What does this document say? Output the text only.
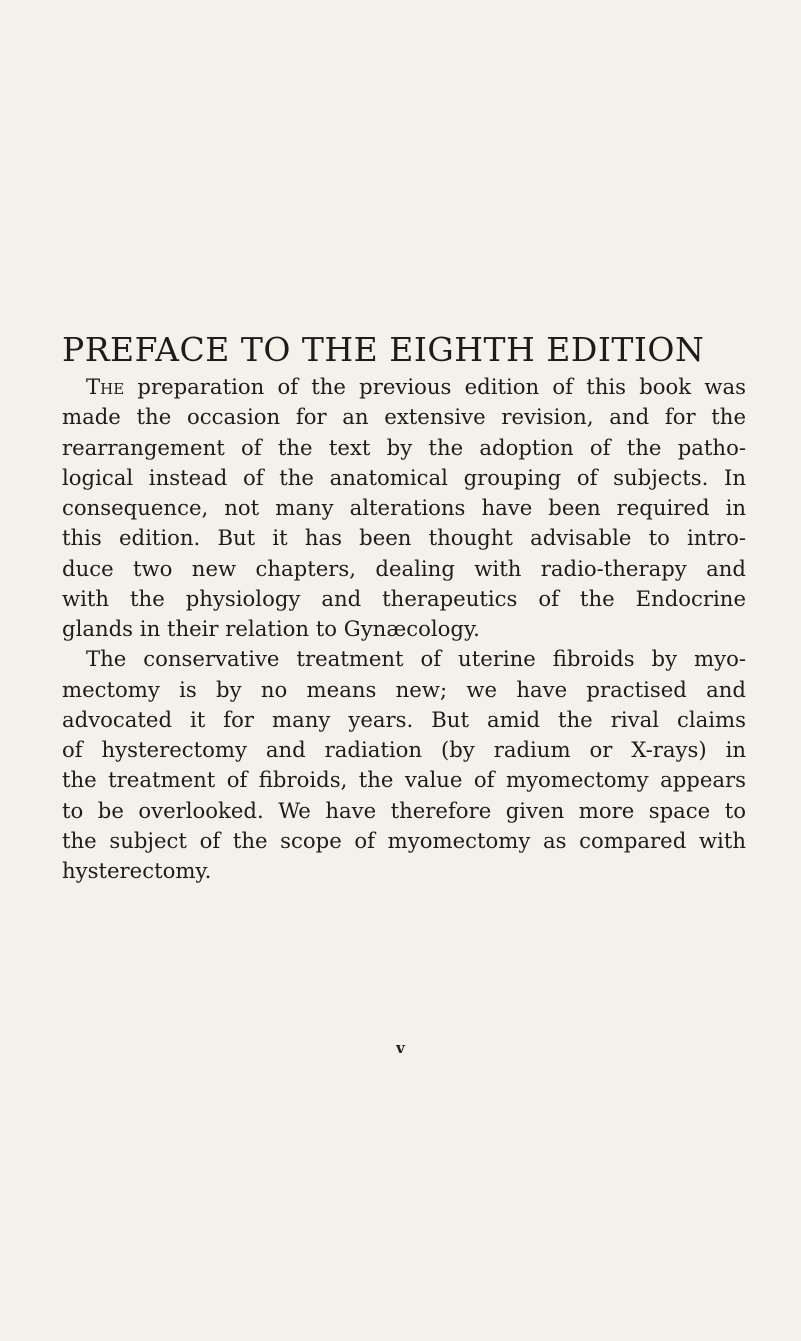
PREFACE TO THE EIGHTH EDITION
The preparation of the previous edition of this book was
made the occasion for an extensive revision, and for the
rearrangement of the text by the adoption of the patho-
logical instead of the anatomical grouping of subjects. In
consequence, not many alterations have been required in
this edition. But it has been thought advisable to intro-
duce two new chapters, dealing with radio-therapy and
with the physiology and therapeutics of the Endocrine
glands in their relation to Gynæcology.
The conservative treatment of uterine fibroids by myo-
mectomy is by no means new; we have practised and
advocated it for many years. But amid the rival claims
of hysterectomy and radiation (by radium or X-rays) in
the treatment of fibroids, the value of myomectomy appears
to be overlooked. We have therefore given more space to
the subject of the scope of myomectomy as compared with
hysterectomy.
v
